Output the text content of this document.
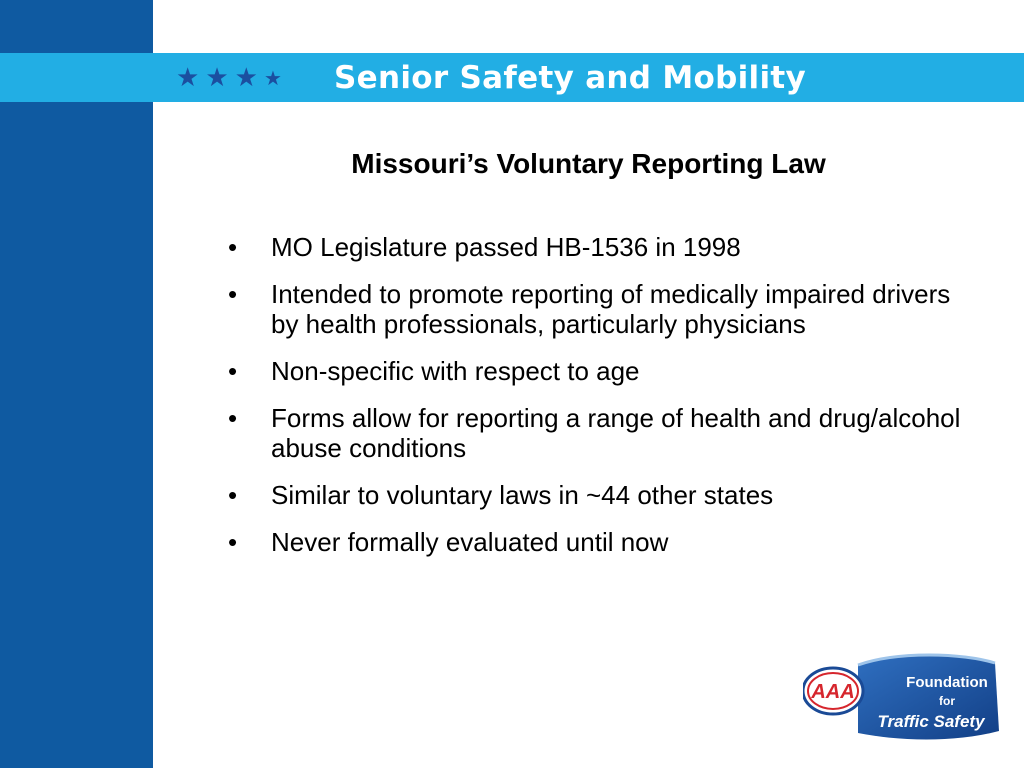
★ ★ ★ ★ Senior Safety and Mobility
Missouri’s Voluntary Reporting Law
•	MO Legislature passed HB-1536 in 1998
•	Intended to promote reporting of medically impaired drivers by health professionals, particularly physicians
•	Non-specific with respect to age
•	Forms allow for reporting a range of health and drug/alcohol abuse conditions
•	Similar to voluntary laws in ~44 other states
•	Never formally evaluated until now
AAA	Foundation
for
Traffic Safety
